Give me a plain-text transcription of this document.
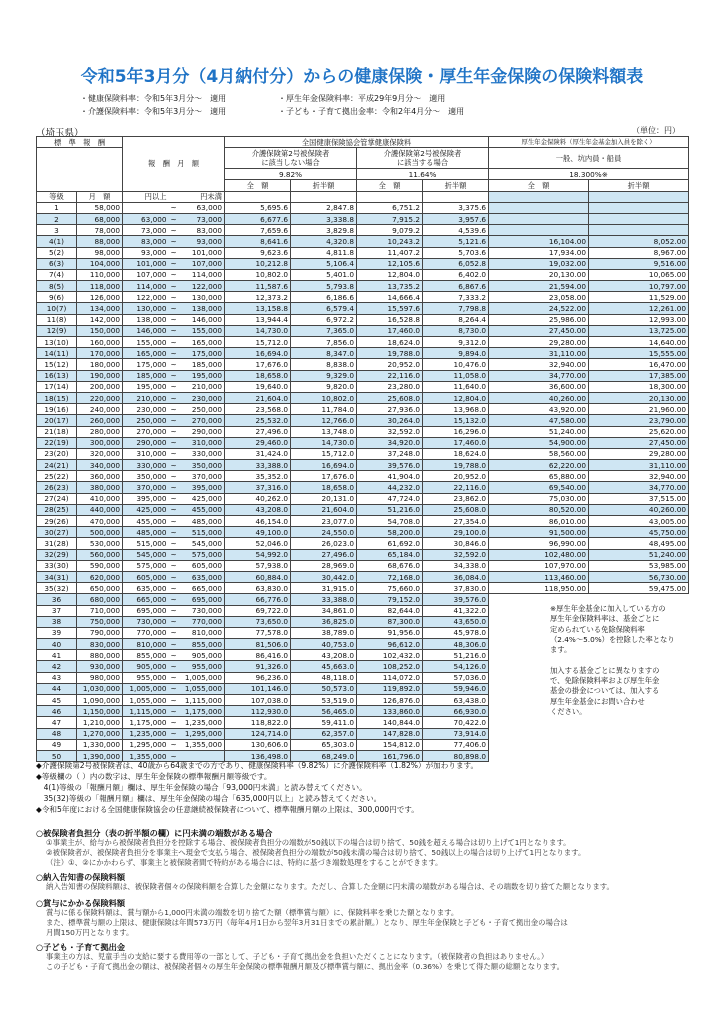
令和5年3月分（4月納付分）からの健康保険・厚生年金保険の保険料額表
・健康保険料率：令和5年3月分～　適用	・厚生年金保険料率：平成29年9月分～　適用
・介護保険料率：令和5年3月分～　適用	・子ども・子育て拠出金率：令和2年4月分～　適用
（埼玉県）	（単位：円）
標　準　報　酬		報　酬　月　額			全国健康保険協会管掌健康保険料				厚生年金保険料（厚生年金基金加入員を除く）	
					介護保険第2号被保険者
に該当しない場合		介護保険第2号被保険者
に該当する場合		一般、坑内員・船員	
					9.82%		11.64%		18.300%※	
					全　額	折半額	全　額	折半額	全　額	折半額
等級	月　額	円以上		円未満						
1	58,000		~	63,000	5,695.6	2,847.8	6,751.2	3,375.6		
2	68,000	63,000	~	73,000	6,677.6	3,338.8	7,915.2	3,957.6		
3	78,000	73,000	~	83,000	7,659.6	3,829.8	9,079.2	4,539.6		
4(1)	88,000	83,000	~	93,000	8,641.6	4,320.8	10,243.2	5,121.6	16,104.00	8,052.00
5(2)	98,000	93,000	~	101,000	9,623.6	4,811.8	11,407.2	5,703.6	17,934.00	8,967.00
6(3)	104,000	101,000	~	107,000	10,212.8	5,106.4	12,105.6	6,052.8	19,032.00	9,516.00
7(4)	110,000	107,000	~	114,000	10,802.0	5,401.0	12,804.0	6,402.0	20,130.00	10,065.00
8(5)	118,000	114,000	~	122,000	11,587.6	5,793.8	13,735.2	6,867.6	21,594.00	10,797.00
9(6)	126,000	122,000	~	130,000	12,373.2	6,186.6	14,666.4	7,333.2	23,058.00	11,529.00
10(7)	134,000	130,000	~	138,000	13,158.8	6,579.4	15,597.6	7,798.8	24,522.00	12,261.00
11(8)	142,000	138,000	~	146,000	13,944.4	6,972.2	16,528.8	8,264.4	25,986.00	12,993.00
12(9)	150,000	146,000	~	155,000	14,730.0	7,365.0	17,460.0	8,730.0	27,450.00	13,725.00
13(10)	160,000	155,000	~	165,000	15,712.0	7,856.0	18,624.0	9,312.0	29,280.00	14,640.00
14(11)	170,000	165,000	~	175,000	16,694.0	8,347.0	19,788.0	9,894.0	31,110.00	15,555.00
15(12)	180,000	175,000	~	185,000	17,676.0	8,838.0	20,952.0	10,476.0	32,940.00	16,470.00
16(13)	190,000	185,000	~	195,000	18,658.0	9,329.0	22,116.0	11,058.0	34,770.00	17,385.00
17(14)	200,000	195,000	~	210,000	19,640.0	9,820.0	23,280.0	11,640.0	36,600.00	18,300.00
18(15)	220,000	210,000	~	230,000	21,604.0	10,802.0	25,608.0	12,804.0	40,260.00	20,130.00
19(16)	240,000	230,000	~	250,000	23,568.0	11,784.0	27,936.0	13,968.0	43,920.00	21,960.00
20(17)	260,000	250,000	~	270,000	25,532.0	12,766.0	30,264.0	15,132.0	47,580.00	23,790.00
21(18)	280,000	270,000	~	290,000	27,496.0	13,748.0	32,592.0	16,296.0	51,240.00	25,620.00
22(19)	300,000	290,000	~	310,000	29,460.0	14,730.0	34,920.0	17,460.0	54,900.00	27,450.00
23(20)	320,000	310,000	~	330,000	31,424.0	15,712.0	37,248.0	18,624.0	58,560.00	29,280.00
24(21)	340,000	330,000	~	350,000	33,388.0	16,694.0	39,576.0	19,788.0	62,220.00	31,110.00
25(22)	360,000	350,000	~	370,000	35,352.0	17,676.0	41,904.0	20,952.0	65,880.00	32,940.00
26(23)	380,000	370,000	~	395,000	37,316.0	18,658.0	44,232.0	22,116.0	69,540.00	34,770.00
27(24)	410,000	395,000	~	425,000	40,262.0	20,131.0	47,724.0	23,862.0	75,030.00	37,515.00
28(25)	440,000	425,000	~	455,000	43,208.0	21,604.0	51,216.0	25,608.0	80,520.00	40,260.00
29(26)	470,000	455,000	~	485,000	46,154.0	23,077.0	54,708.0	27,354.0	86,010.00	43,005.00
30(27)	500,000	485,000	~	515,000	49,100.0	24,550.0	58,200.0	29,100.0	91,500.00	45,750.00
31(28)	530,000	515,000	~	545,000	52,046.0	26,023.0	61,692.0	30,846.0	96,990.00	48,495.00
32(29)	560,000	545,000	~	575,000	54,992.0	27,496.0	65,184.0	32,592.0	102,480.00	51,240.00
33(30)	590,000	575,000	~	605,000	57,938.0	28,969.0	68,676.0	34,338.0	107,970.00	53,985.00
34(31)	620,000	605,000	~	635,000	60,884.0	30,442.0	72,168.0	36,084.0	113,460.00	56,730.00
35(32)	650,000	635,000	~	665,000	63,830.0	31,915.0	75,660.0	37,830.0	118,950.00	59,475.00
36	680,000	665,000	~	695,000	66,776.0	33,388.0	79,152.0	39,576.0		
37	710,000	695,000	~	730,000	69,722.0	34,861.0	82,644.0	41,322.0		
38	750,000	730,000	~	770,000	73,650.0	36,825.0	87,300.0	43,650.0		
39	790,000	770,000	~	810,000	77,578.0	38,789.0	91,956.0	45,978.0		
40	830,000	810,000	~	855,000	81,506.0	40,753.0	96,612.0	48,306.0		
41	880,000	855,000	~	905,000	86,416.0	43,208.0	102,432.0	51,216.0		
42	930,000	905,000	~	955,000	91,326.0	45,663.0	108,252.0	54,126.0		
43	980,000	955,000	~	1,005,000	96,236.0	48,118.0	114,072.0	57,036.0		
44	1,030,000	1,005,000	~	1,055,000	101,146.0	50,573.0	119,892.0	59,946.0		
45	1,090,000	1,055,000	~	1,115,000	107,038.0	53,519.0	126,876.0	63,438.0		
46	1,150,000	1,115,000	~	1,175,000	112,930.0	56,465.0	133,860.0	66,930.0		
47	1,210,000	1,175,000	~	1,235,000	118,822.0	59,411.0	140,844.0	70,422.0		
48	1,270,000	1,235,000	~	1,295,000	124,714.0	62,357.0	147,828.0	73,914.0		
49	1,330,000	1,295,000	~	1,355,000	130,606.0	65,303.0	154,812.0	77,406.0		
50	1,390,000	1,355,000	~		136,498.0	68,249.0	161,796.0	80,898.0		
※厚生年金基金に加入している方の
厚生年金保険料率は、基金ごとに
定められている免除保険料率
（2.4%～5.0%）を控除した率となり
ます。

加入する基金ごとに異なりますの
で、免除保険料率および厚生年金
基金の掛金については、加入する
厚生年金基金にお問い合わせ
ください。
◆介護保険第2号被保険者は、40歳から64歳までの方であり、健康保険料率（9.82%）に介護保険料率（1.82%）が加わります。
◆等級欄の（ ）内の数字は、厚生年金保険の標準報酬月額等級です。
　4(1)等級の「報酬月額」欄は、厚生年金保険の場合「93,000円未満」と読み替えてください。
　35(32)等級の「報酬月額」欄は、厚生年金保険の場合「635,000円以上」と読み替えてください。
◆令和5年度における全国健康保険協会の任意継続被保険者について、標準報酬月額の上限は、300,000円です。
○被保険者負担分（表の折半額の欄）に円未満の端数がある場合
①事業主が、給与から被保険者負担分を控除する場合、被保険者負担分の端数が50銭以下の場合は切り捨て、50銭を超える場合は切り上げて1円となります。
②被保険者が、被保険者負担分を事業主へ現金で支払う場合、被保険者負担分の端数が50銭未満の場合は切り捨て、50銭以上の場合は切り上げて1円となります。
（注）①、②にかかわらず、事業主と被保険者間で特約がある場合には、特約に基づき端数処理をすることができます。
○納入告知書の保険料額
納入告知書の保険料額は、被保険者個々の保険料額を合算した金額になります。ただし、合算した金額に円未満の端数がある場合は、その端数を切り捨てた額となります。
○賞与にかかる保険料額
賞与に係る保険料額は、賞与額から1,000円未満の端数を切り捨てた額（標準賞与額）に、保険料率を乗じた額となります。
また、標準賞与額の上限は、健康保険は年間573万円（毎年4月1日から翌年3月31日までの累計額。）となり、厚生年金保険と子ども・子育て拠出金の場合は
月間150万円となります。
○子ども・子育て拠出金
事業主の方は、児童手当の支給に要する費用等の一部として、子ども・子育て拠出金を負担いただくことになります。（被保険者の負担はありません。）
この子ども・子育て拠出金の額は、被保険者個々の厚生年金保険の標準報酬月額及び標準賞与額に、拠出金率（0.36%）を乗じて得た額の総額となります。
